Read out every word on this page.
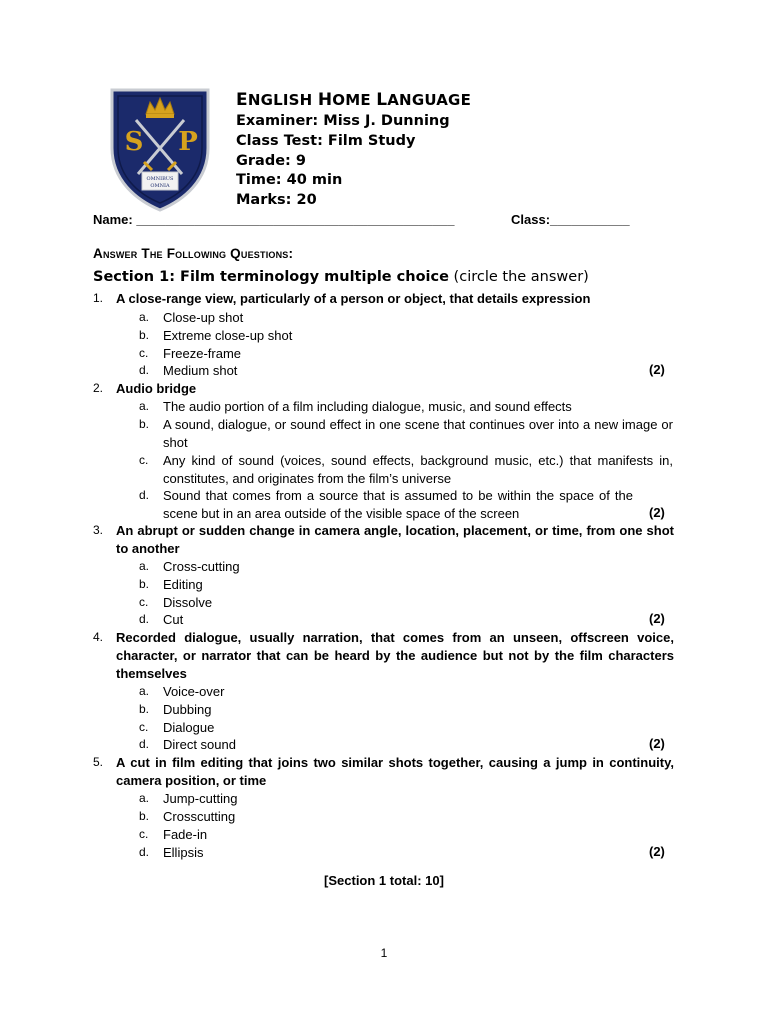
S P
OMNIBUS
OMNIA
ENGLISH HOME LANGUAGE
Examiner: Miss J. Dunning
Class Test: Film Study
Grade: 9
Time: 40 min
Marks: 20
Name: ____________________________________________	Class:___________
Answer The Following Questions:
Section 1: Film terminology multiple choice (circle the answer)
1. A close-range view, particularly of a person or object, that details expression
a. Close-up shot
b. Extreme close-up shot
c. Freeze-frame
d. Medium shot	(2)
2. Audio bridge
a. The audio portion of a film including dialogue, music, and sound effects
b. A sound, dialogue, or sound effect in one scene that continues over into a new image or shot
c. Any kind of sound (voices, sound effects, background music, etc.) that manifests in, constitutes, and originates from the film’s universe
d. Sound that comes from a source that is assumed to be within the space of the scene but in an area outside of the visible space of the screen	(2)
3. An abrupt or sudden change in camera angle, location, placement, or time, from one shot to another
a. Cross-cutting
b. Editing
c. Dissolve
d. Cut	(2)
4. Recorded dialogue, usually narration, that comes from an unseen, offscreen voice, character, or narrator that can be heard by the audience but not by the film characters themselves
a. Voice-over
b. Dubbing
c. Dialogue
d. Direct sound	(2)
5. A cut in film editing that joins two similar shots together, causing a jump in continuity, camera position, or time
a. Jump-cutting
b. Crosscutting
c. Fade-in
d. Ellipsis	(2)
[Section 1 total: 10]
1
